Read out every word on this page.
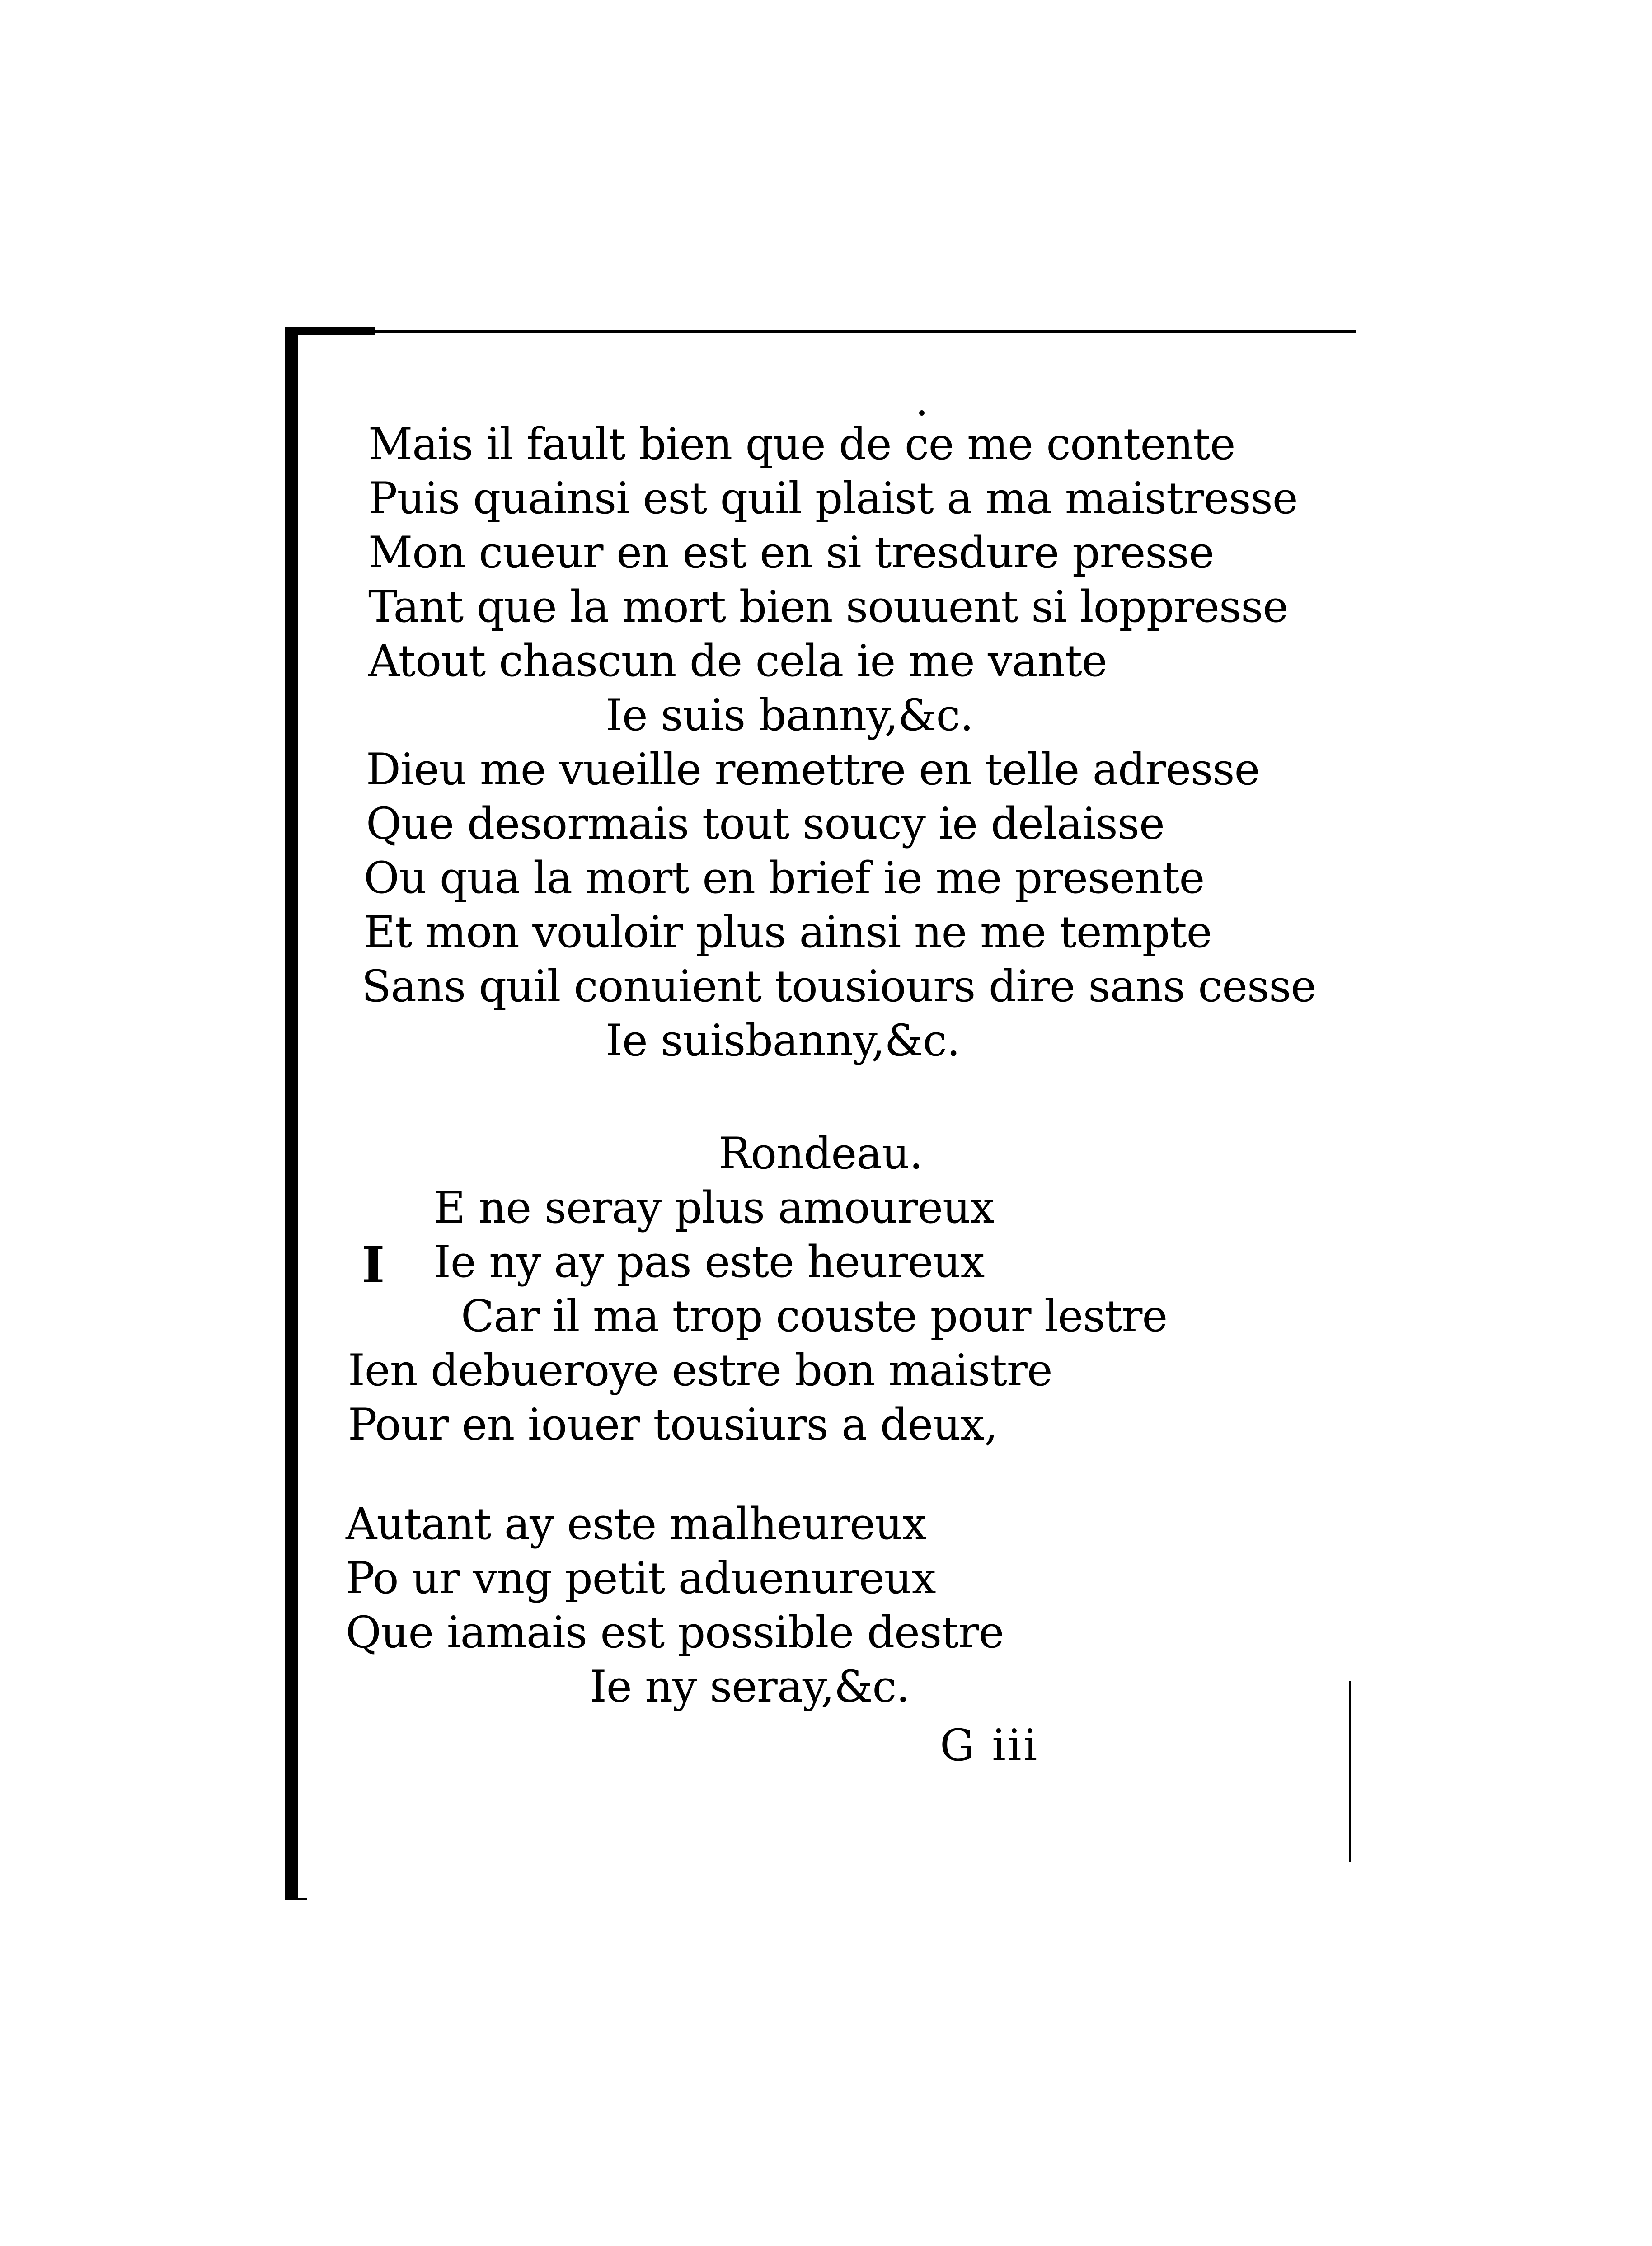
Mais il fault bien que de ce me contente
Puis quainsi est quil plaist a ma maistresse
Mon cueur en est en si tresdure presse
Tant que la mort bien souuent si loppresse
Atout chascun de cela ie me vante
Ie suis banny,&c.
Dieu me vueille remettre en telle adresse
Que desormais tout soucy ie delaisse
Ou qua la mort en brief ie me presente
Et mon vouloir plus ainsi ne me tempte
Sans quil conuient tousiours dire sans cesse
Ie suisbanny,&c.
Rondeau.
I
E ne seray plus amoureux
Ie ny ay pas este heureux
Car il ma trop couste pour lestre
Ien debueroye estre bon maistre
Pour en iouer tousiurs a deux,
Autant ay este malheureux
Po ur vng petit aduenureux
Que iamais est possible destre
Ie ny seray,&c.
G iii
